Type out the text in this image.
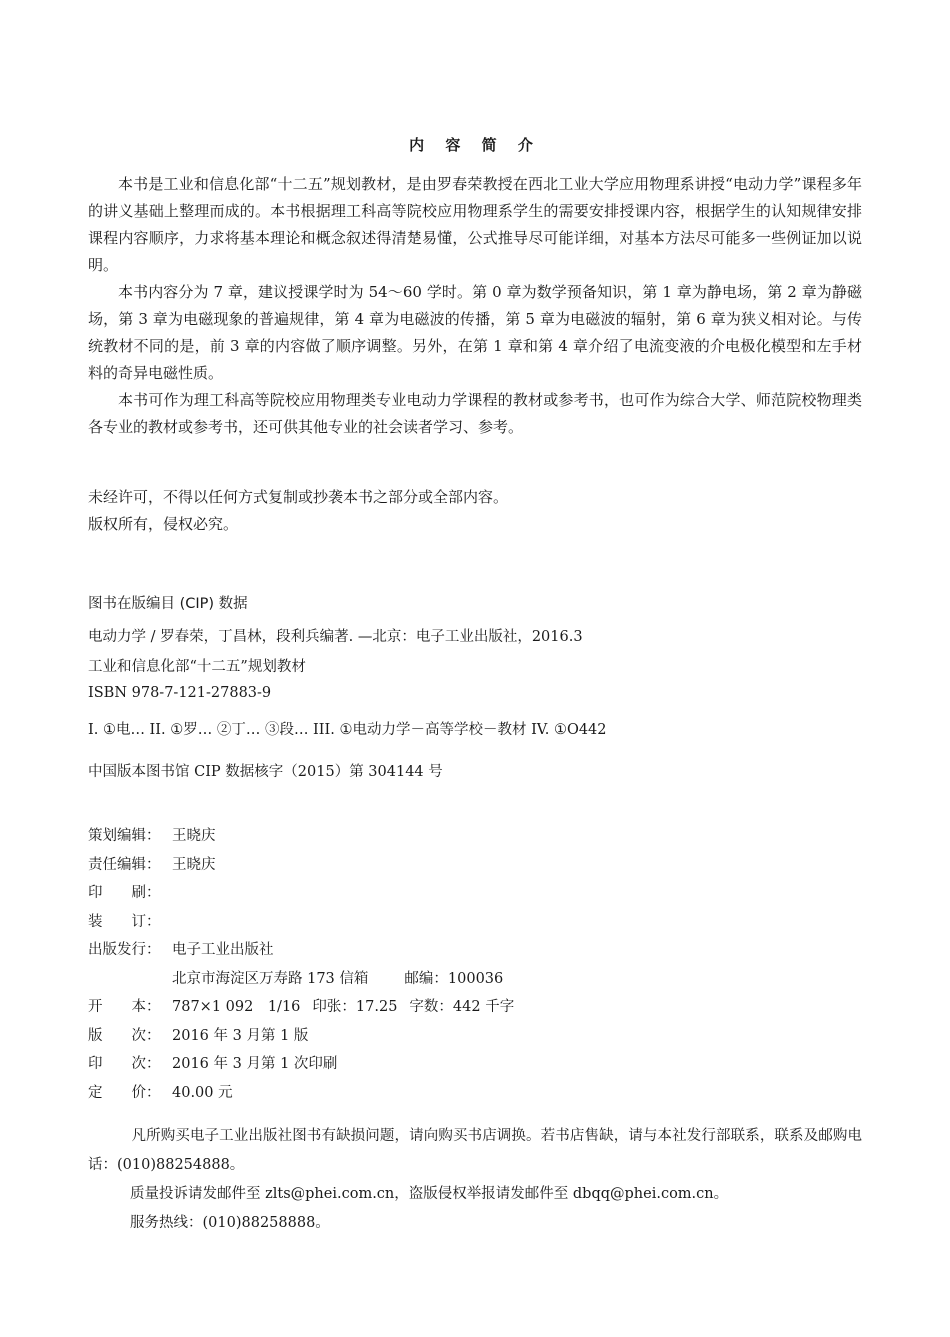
内 容 简 介

本书是工业和信息化部“十二五”规划教材，是由罗春荣教授在西北工业大学应用物理系讲授“电动力学”课程多年的讲义基础上整理而成的。本书根据理工科高等院校应用物理系学生的需要安排授课内容，根据学生的认知规律安排课程内容顺序，力求将基本理论和概念叙述得清楚易懂，公式推导尽可能详细，对基本方法尽可能多一些例证加以说明。

本书内容分为 7 章，建议授课学时为 54～60 学时。第 0 章为数学预备知识，第 1 章为静电场，第 2 章为静磁场，第 3 章为电磁现象的普遍规律，第 4 章为电磁波的传播，第 5 章为电磁波的辐射，第 6 章为狭义相对论。与传统教材不同的是，前 3 章的内容做了顺序调整。另外，在第 1 章和第 4 章介绍了电流变液的介电极化模型和左手材料的奇异电磁性质。

本书可作为理工科高等院校应用物理类专业电动力学课程的教材或参考书，也可作为综合大学、师范院校物理类各专业的教材或参考书，还可供其他专业的社会读者学习、参考。

未经许可，不得以任何方式复制或抄袭本书之部分或全部内容。
版权所有，侵权必究。
图书在版编目 (CIP) 数据
电动力学 / 罗春荣，丁昌林，段利兵编著. —北京：电子工业出版社，2016.3
工业和信息化部“十二五”规划教材
ISBN 978-7-121-27883-9
I. ①电… II. ①罗… ②丁… ③段… III. ①电动力学－高等学校－教材 IV. ①O442
中国版本图书馆 CIP 数据核字（2015）第 304144 号
策划编辑： 王晓庆
责任编辑： 王晓庆
印　　刷：
装　　订：
出版发行： 电子工业出版社
北京市海淀区万寿路 173 信箱 邮编：100036
开　　本： 787×1 092　1/16 印张：17.25 字数：442 千字
版　　次： 2016 年 3 月第 1 版
印　　次： 2016 年 3 月第 1 次印刷
定　　价： 40.00 元

凡所购买电子工业出版社图书有缺损问题，请向购买书店调换。若书店售缺，请与本社发行部联系，联系及邮购电话：(010)88254888。

质量投诉请发邮件至 zlts@phei.com.cn，盗版侵权举报请发邮件至 dbqq@phei.com.cn。
服务热线：(010)88258888。
